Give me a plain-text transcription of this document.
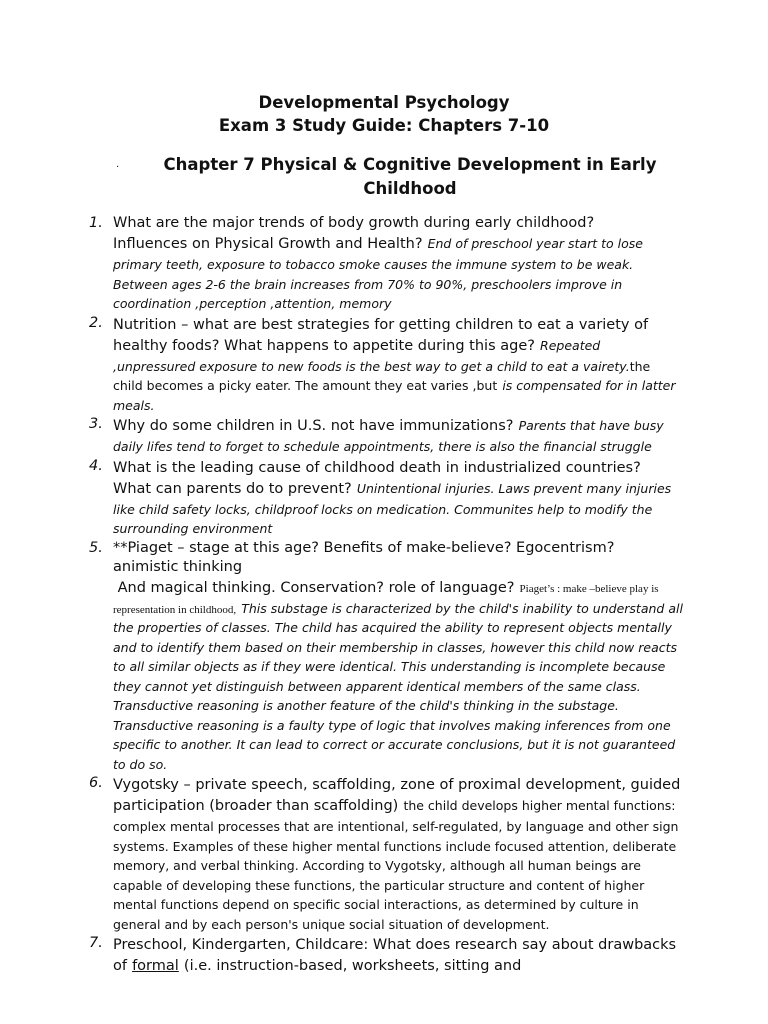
Developmental Psychology
Exam 3 Study Guide: Chapters 7-10
.	Chapter 7 Physical & Cognitive Development in Early Childhood
1. What are the major trends of body growth during early childhood?
Influences on Physical Growth and Health? End of preschool year start to lose primary teeth, exposure to tobacco smoke causes the immune system to be weak. Between ages 2-6 the brain increases from 70% to 90%, preschoolers improve in coordination ,perception ,attention, memory
2. Nutrition – what are best strategies for getting children to eat a variety of healthy foods? What happens to appetite during this age? Repeated ,unpressured exposure to new foods is the best way to get a child to eat a vairety.the child becomes a picky eater. The amount they eat varies ,but is compensated for in latter meals.
3. Why do some children in U.S. not have immunizations? Parents that have busy daily lifes tend to forget to schedule appointments, there is also the financial struggle
4. What is the leading cause of childhood death in industrialized countries? What can parents do to prevent? Unintentional injuries. Laws prevent many injuries like child safety locks, childproof locks on medication. Communites help to modify the surrounding environment
5. **Piaget – stage at this age? Benefits of make-believe? Egocentrism? animistic thinking
And magical thinking. Conservation? role of language? Piaget’s : make –believe play is representation in childhood, This substage is characterized by the child's inability to understand all the properties of classes. The child has acquired the ability to represent objects mentally and to identify them based on their membership in classes, however this child now reacts to all similar objects as if they were identical. This understanding is incomplete because they cannot yet distinguish between apparent identical members of the same class. Transductive reasoning is another feature of the child's thinking in the substage. Transductive reasoning is a faulty type of logic that involves making inferences from one specific to another. It can lead to correct or accurate conclusions, but it is not guaranteed to do so.
6. Vygotsky – private speech, scaffolding, zone of proximal development, guided participation (broader than scaffolding) the child develops higher mental functions: complex mental processes that are intentional, self-regulated, by language and other sign systems. Examples of these higher mental functions include focused attention, deliberate memory, and verbal thinking. According to Vygotsky, although all human beings are capable of developing these functions, the particular structure and content of higher mental functions depend on specific social interactions, as determined by culture in general and by each person's unique social situation of development.
7. Preschool, Kindergarten, Childcare: What does research say about drawbacks of formal (i.e. instruction-based, worksheets, sitting and
